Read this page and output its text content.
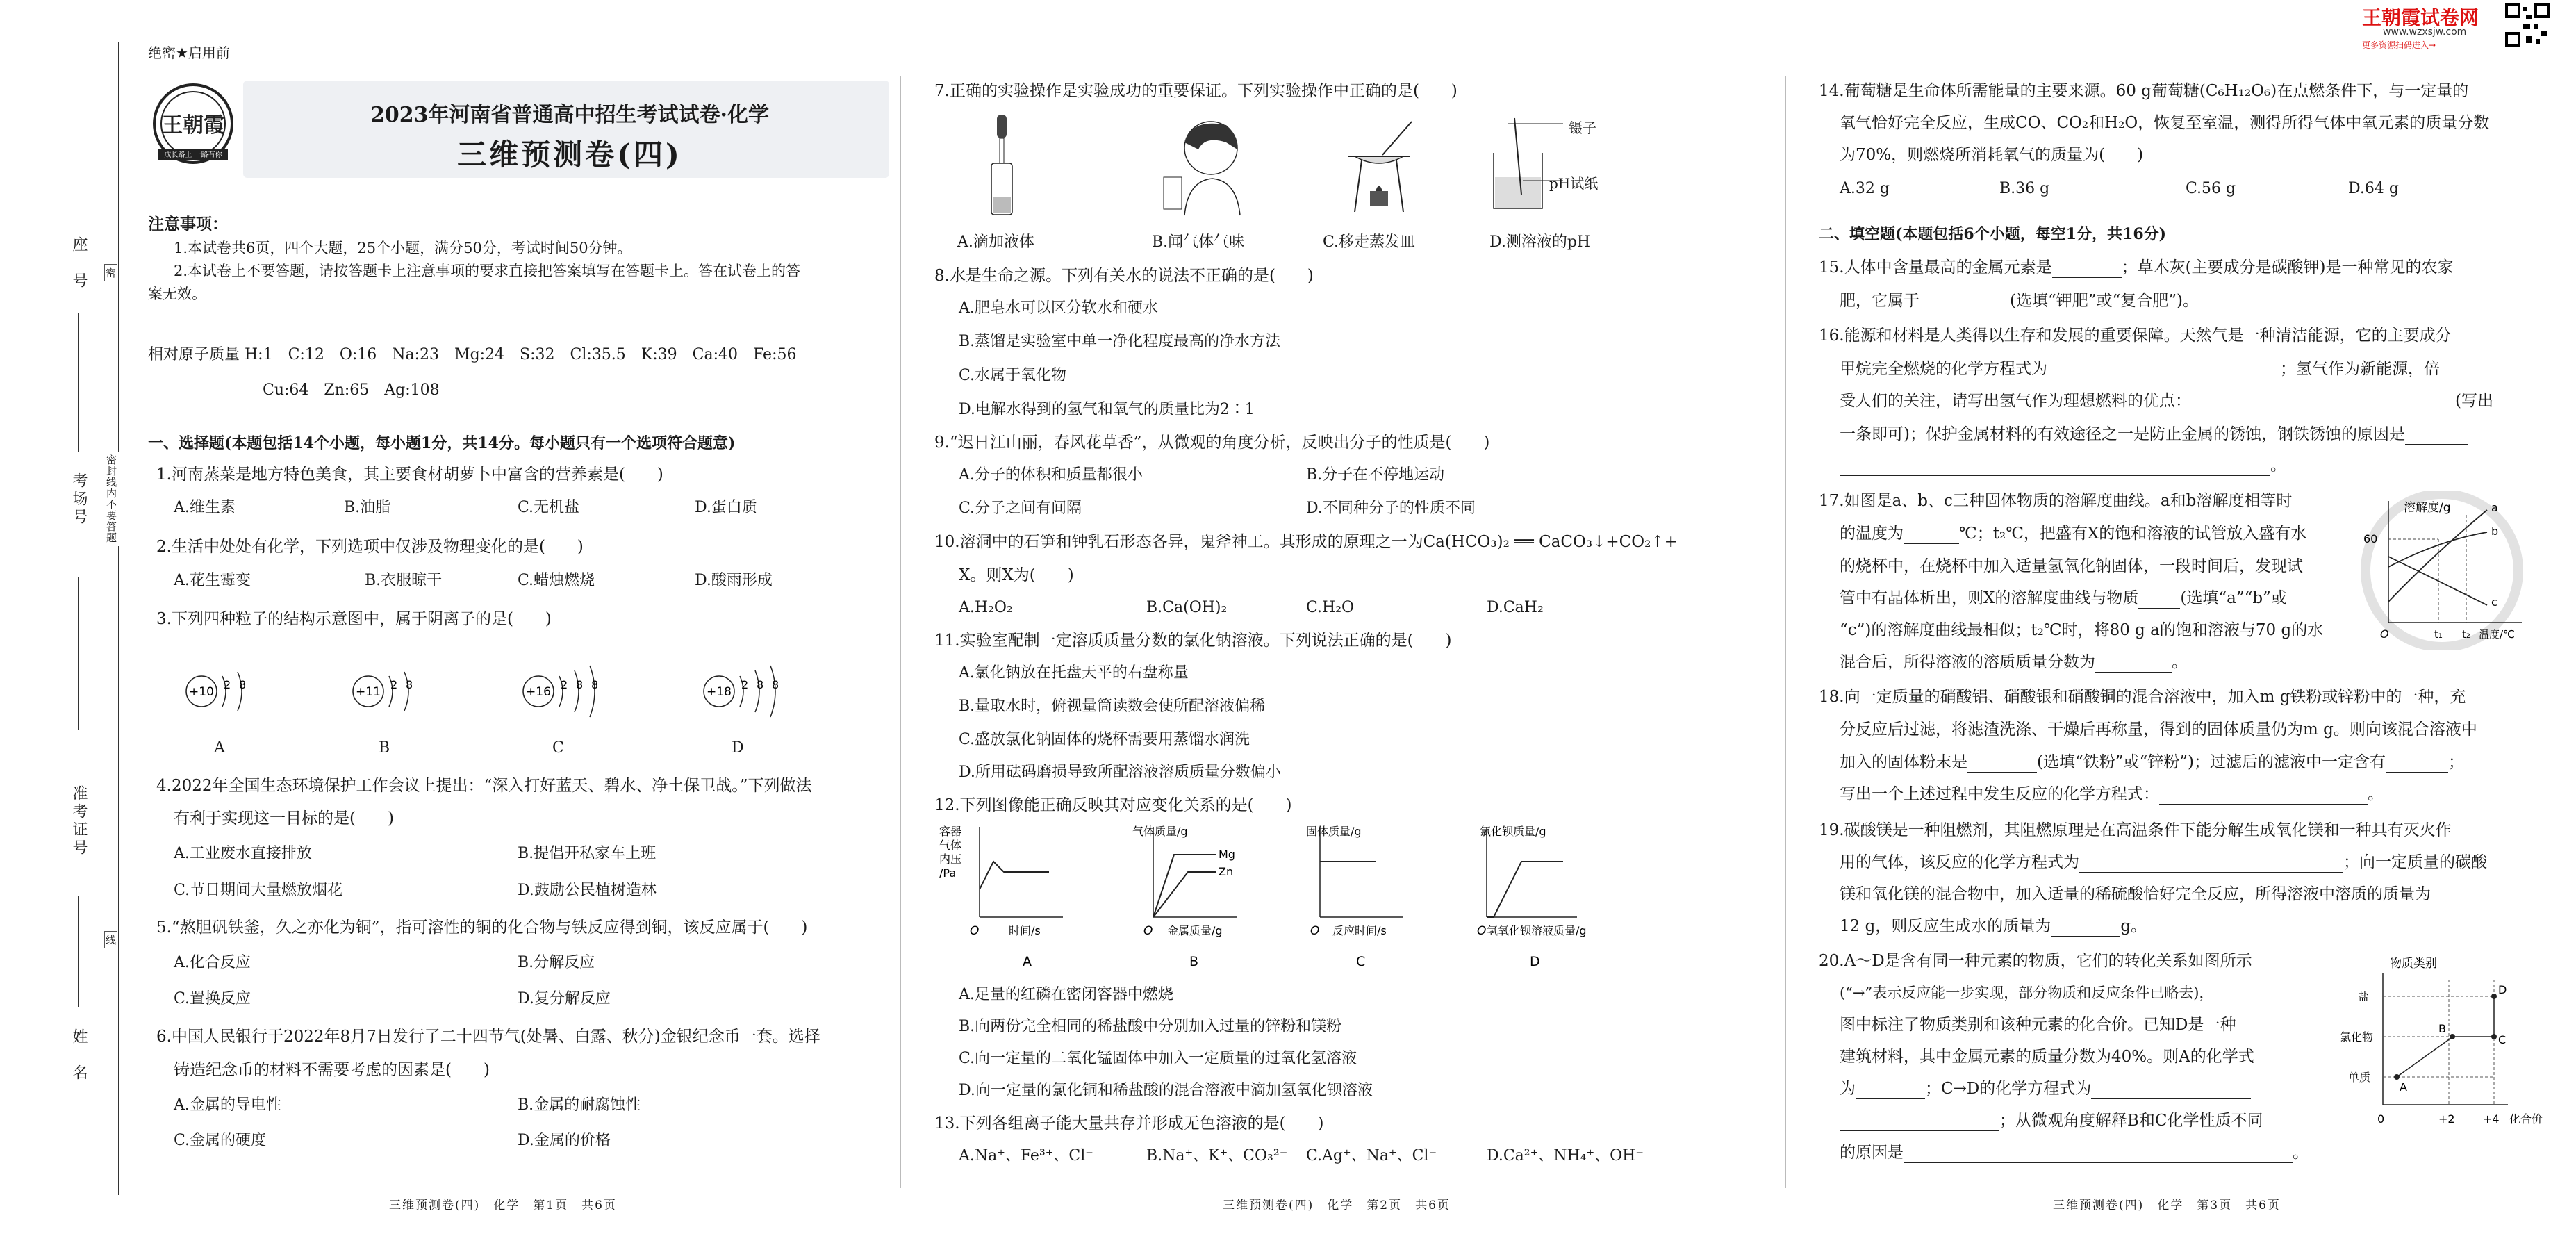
座　号
考场号
准考证号
姓　名
密封线内不要答题
密
线
绝密★启用前
王朝霞
成长路上 一路有你
2023年河南省普通高中招生考试试卷·化学
三维预测卷(四)
注意事项：
1.本试卷共6页，四个大题，25个小题，满分50分，考试时间50分钟。
2.本试卷上不要答题，请按答题卡上注意事项的要求直接把答案填写在答题卡上。答在试卷上的答
案无效。
相对原子质量 H:1　C:12　O:16　Na:23　Mg:24　S:32　Cl:35.5　K:39　Ca:40　Fe:56
Cu:64　Zn:65　Ag:108
一、选择题(本题包括14个小题，每小题1分，共14分。每小题只有一个选项符合题意)
1.河南蒸菜是地方特色美食，其主要食材胡萝卜中富含的营养素是(　　)
A.维生素	B.油脂	C.无机盐	D.蛋白质
2.生活中处处有化学，下列选项中仅涉及物理变化的是(　　)
A.花生霉变	B.衣服晾干	C.蜡烛燃烧	D.酸雨形成
3.下列四种粒子的结构示意图中，属于阴离子的是(　　)
+10
2 8
+11
2 8
+16
2 8 8
+18
2 8 8
A	B	C	D
4.2022年全国生态环境保护工作会议上提出：“深入打好蓝天、碧水、净土保卫战。”下列做法
有利于实现这一目标的是(　　)
A.工业废水直接排放	B.提倡开私家车上班
C.节日期间大量燃放烟花	D.鼓励公民植树造林
5.“熬胆矾铁釜，久之亦化为铜”，指可溶性的铜的化合物与铁反应得到铜，该反应属于(　　)
A.化合反应	B.分解反应
C.置换反应	D.复分解反应
6.中国人民银行于2022年8月7日发行了二十四节气(处暑、白露、秋分)金银纪念币一套。选择
铸造纪念币的材料不需要考虑的因素是(　　)
A.金属的导电性	B.金属的耐腐蚀性
C.金属的硬度	D.金属的价格
三维预测卷(四)　化学　第1页　共6页
7.正确的实验操作是实验成功的重要保证。下列实验操作中正确的是(　　)
镊子
pH试纸
A.滴加液体	B.闻气体气味	C.移走蒸发皿	D.测溶液的pH
8.水是生命之源。下列有关水的说法不正确的是(　　)
A.肥皂水可以区分软水和硬水
B.蒸馏是实验室中单一净化程度最高的净水方法
C.水属于氧化物
D.电解水得到的氢气和氧气的质量比为2∶1
9.“迟日江山丽，春风花草香”，从微观的角度分析，反映出分子的性质是(　　)
A.分子的体积和质量都很小	B.分子在不停地运动
C.分子之间有间隔	D.不同种分子的性质不同
10.溶洞中的石笋和钟乳石形态各异，鬼斧神工。其形成的原理之一为Ca(HCO₃)₂ ══ CaCO₃↓+CO₂↑+
X。则X为(　　)
A.H₂O₂	B.Ca(OH)₂	C.H₂O	D.CaH₂
11.实验室配制一定溶质质量分数的氯化钠溶液。下列说法正确的是(　　)
A.氯化钠放在托盘天平的右盘称量
B.量取水时，俯视量筒读数会使所配溶液偏稀
C.盛放氯化钠固体的烧杯需要用蒸馏水润洗
D.所用砝码磨损导致所配溶液溶质质量分数偏小
12.下列图像能正确反映其对应变化关系的是(　　)
容器
气体
内压
/Pa
O	时间/s
A
气体质量/g
Mg
Zn
O 金属质量/g
B
固体质量/g
O 反应时间/s
C
氯化钡质量/g
O 氢氧化钡溶液质量/g
D
A.足量的红磷在密闭容器中燃烧
B.向两份完全相同的稀盐酸中分别加入过量的锌粉和镁粉
C.向一定量的二氧化锰固体中加入一定质量的过氧化氢溶液
D.向一定量的氯化铜和稀盐酸的混合溶液中滴加氢氧化钡溶液
13.下列各组离子能大量共存并形成无色溶液的是(　　)
A.Na⁺、Fe³⁺、Cl⁻	B.Na⁺、K⁺、CO₃²⁻ C.Ag⁺、Na⁺、Cl⁻	D.Ca²⁺、NH₄⁺、OH⁻
三维预测卷(四)　化学　第2页　共6页
王朝霞试卷网
www.wzxsjw.com
更多资源扫码进入→
14.葡萄糖是生命体所需能量的主要来源。60 g葡萄糖(C₆H₁₂O₆)在点燃条件下，与一定量的
氧气恰好完全反应，生成CO、CO₂和H₂O，恢复至室温，测得所得气体中氧元素的质量分数
为70%，则燃烧所消耗氧气的质量为(　　)
A.32 g	B.36 g	C.56 g	D.64 g
二、填空题(本题包括6个小题，每空1分，共16分)
15.人体中含量最高的金属元素是	；草木灰(主要成分是碳酸钾)是一种常见的农家
肥，它属于	(选填“钾肥”或“复合肥”)。
16.能源和材料是人类得以生存和发展的重要保障。天然气是一种清洁能源，它的主要成分
甲烷完全燃烧的化学方程式为	；氢气作为新能源，倍
受人们的关注，请写出氢气作为理想燃料的优点：	(写出
一条即可)；保护金属材料的有效途径之一是防止金属的锈蚀，钢铁锈蚀的原因是
。
17.如图是a、b、c三种固体物质的溶解度曲线。a和b溶解度相等时
的温度为	℃；t₂℃，把盛有X的饱和溶液的试管放入盛有水
的烧杯中，在烧杯中加入适量氢氧化钠固体，一段时间后，发现试
管中有晶体析出，则X的溶解度曲线与物质	(选填“a”“b”或
“c”)的溶解度曲线最相似；t₂℃时，将80 g a的饱和溶液与70 g的水
混合后，所得溶液的溶质质量分数为	。
溶解度/g
60
a
b
c
O	t₁ t₂ 温度/℃
18.向一定质量的硝酸铝、硝酸银和硝酸铜的混合溶液中，加入m g铁粉或锌粉中的一种，充
分反应后过滤，将滤渣洗涤、干燥后再称量，得到的固体质量仍为m g。则向该混合溶液中
加入的固体粉末是	(选填“铁粉”或“锌粉”)；过滤后的滤液中一定含有	；
写出一个上述过程中发生反应的化学方程式：	。
19.碳酸镁是一种阻燃剂，其阻燃原理是在高温条件下能分解生成氧化镁和一种具有灭火作
用的气体，该反应的化学方程式为	；向一定质量的碳酸
镁和氧化镁的混合物中，加入适量的稀硫酸恰好完全反应，所得溶液中溶质的质量为
12 g，则反应生成水的质量为	g。
20.A～D是含有同一种元素的物质，它们的转化关系如图所示
(“→”表示反应能一步实现，部分物质和反应条件已略去)，
图中标注了物质类别和该种元素的化合价。已知D是一种
建筑材料，其中金属元素的质量分数为40%。则A的化学式
为	；C→D的化学方程式为
；从微观角度解释B和C化学性质不同
的原因是	。
物质类别
盐
氯化物
单质
A
B
C
D
0	+2	+4 化合价
三维预测卷(四)　化学　第3页　共6页
